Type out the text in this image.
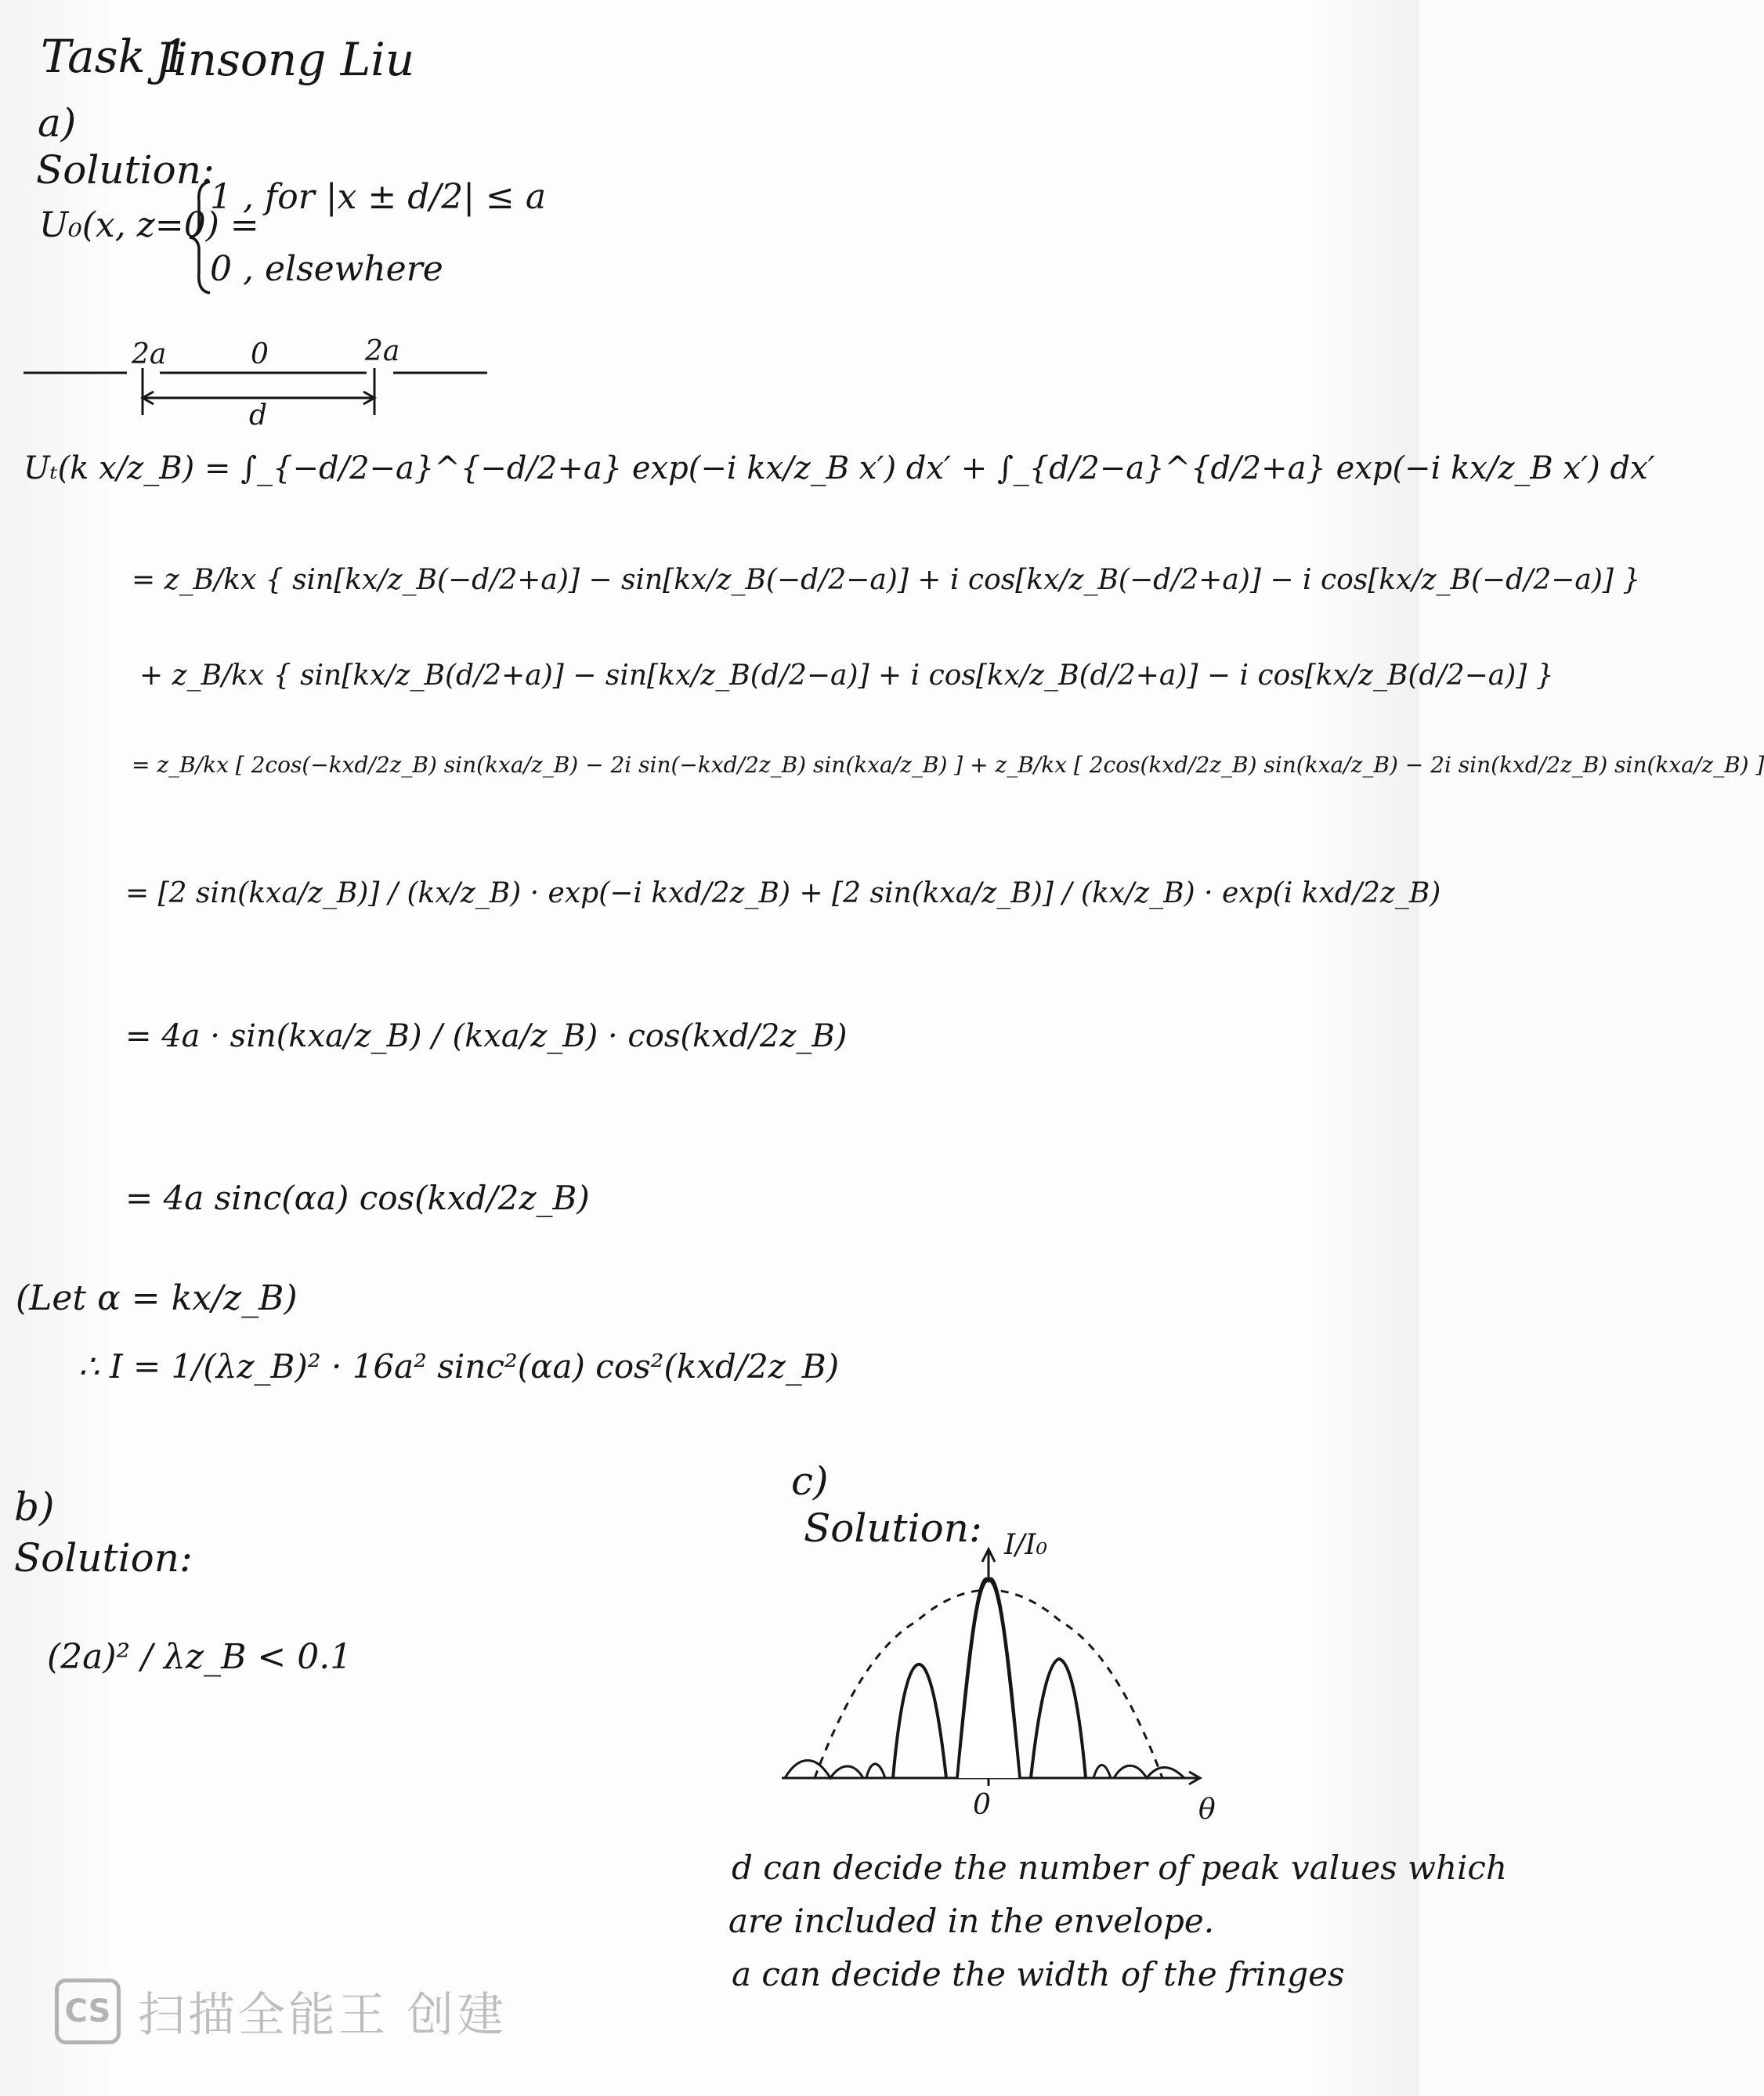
Task 1
Jinsong Liu
a)
Solution:
U₀(x, z=0) =
1 , for |x ± d/2| ≤ a
0 , elsewhere
2a	0	2a
d
Uₜ(k x/z_B) = ∫_{−d/2−a}^{−d/2+a} exp(−i kx/z_B x′) dx′ + ∫_{d/2−a}^{d/2+a} exp(−i kx/z_B x′) dx′
= z_B/kx { sin[kx/z_B(−d/2+a)] − sin[kx/z_B(−d/2−a)] + i cos[kx/z_B(−d/2+a)] − i cos[kx/z_B(−d/2−a)] }
+ z_B/kx { sin[kx/z_B(d/2+a)] − sin[kx/z_B(d/2−a)] + i cos[kx/z_B(d/2+a)] − i cos[kx/z_B(d/2−a)] }
= z_B/kx [ 2cos(−kxd/2z_B) sin(kxa/z_B) − 2i sin(−kxd/2z_B) sin(kxa/z_B) ] + z_B/kx [ 2cos(kxd/2z_B) sin(kxa/z_B) − 2i sin(kxd/2z_B) sin(kxa/z_B) ]
= [2 sin(kxa/z_B)] / (kx/z_B) · exp(−i kxd/2z_B) + [2 sin(kxa/z_B)] / (kx/z_B) · exp(i kxd/2z_B)
= 4a · sin(kxa/z_B) / (kxa/z_B) · cos(kxd/2z_B)
= 4a sinc(αa) cos(kxd/2z_B)
(Let α = kx/z_B)
∴ I = 1/(λz_B)² · 16a² sinc²(αa) cos²(kxd/2z_B)
b)
Solution:
(2a)² / λz_B < 0.1
c)
Solution: I/I₀
0	θ
d can decide the number of peak values which
are included in the envelope.
a can decide the width of the fringes
CS 扫描全能王 创建
